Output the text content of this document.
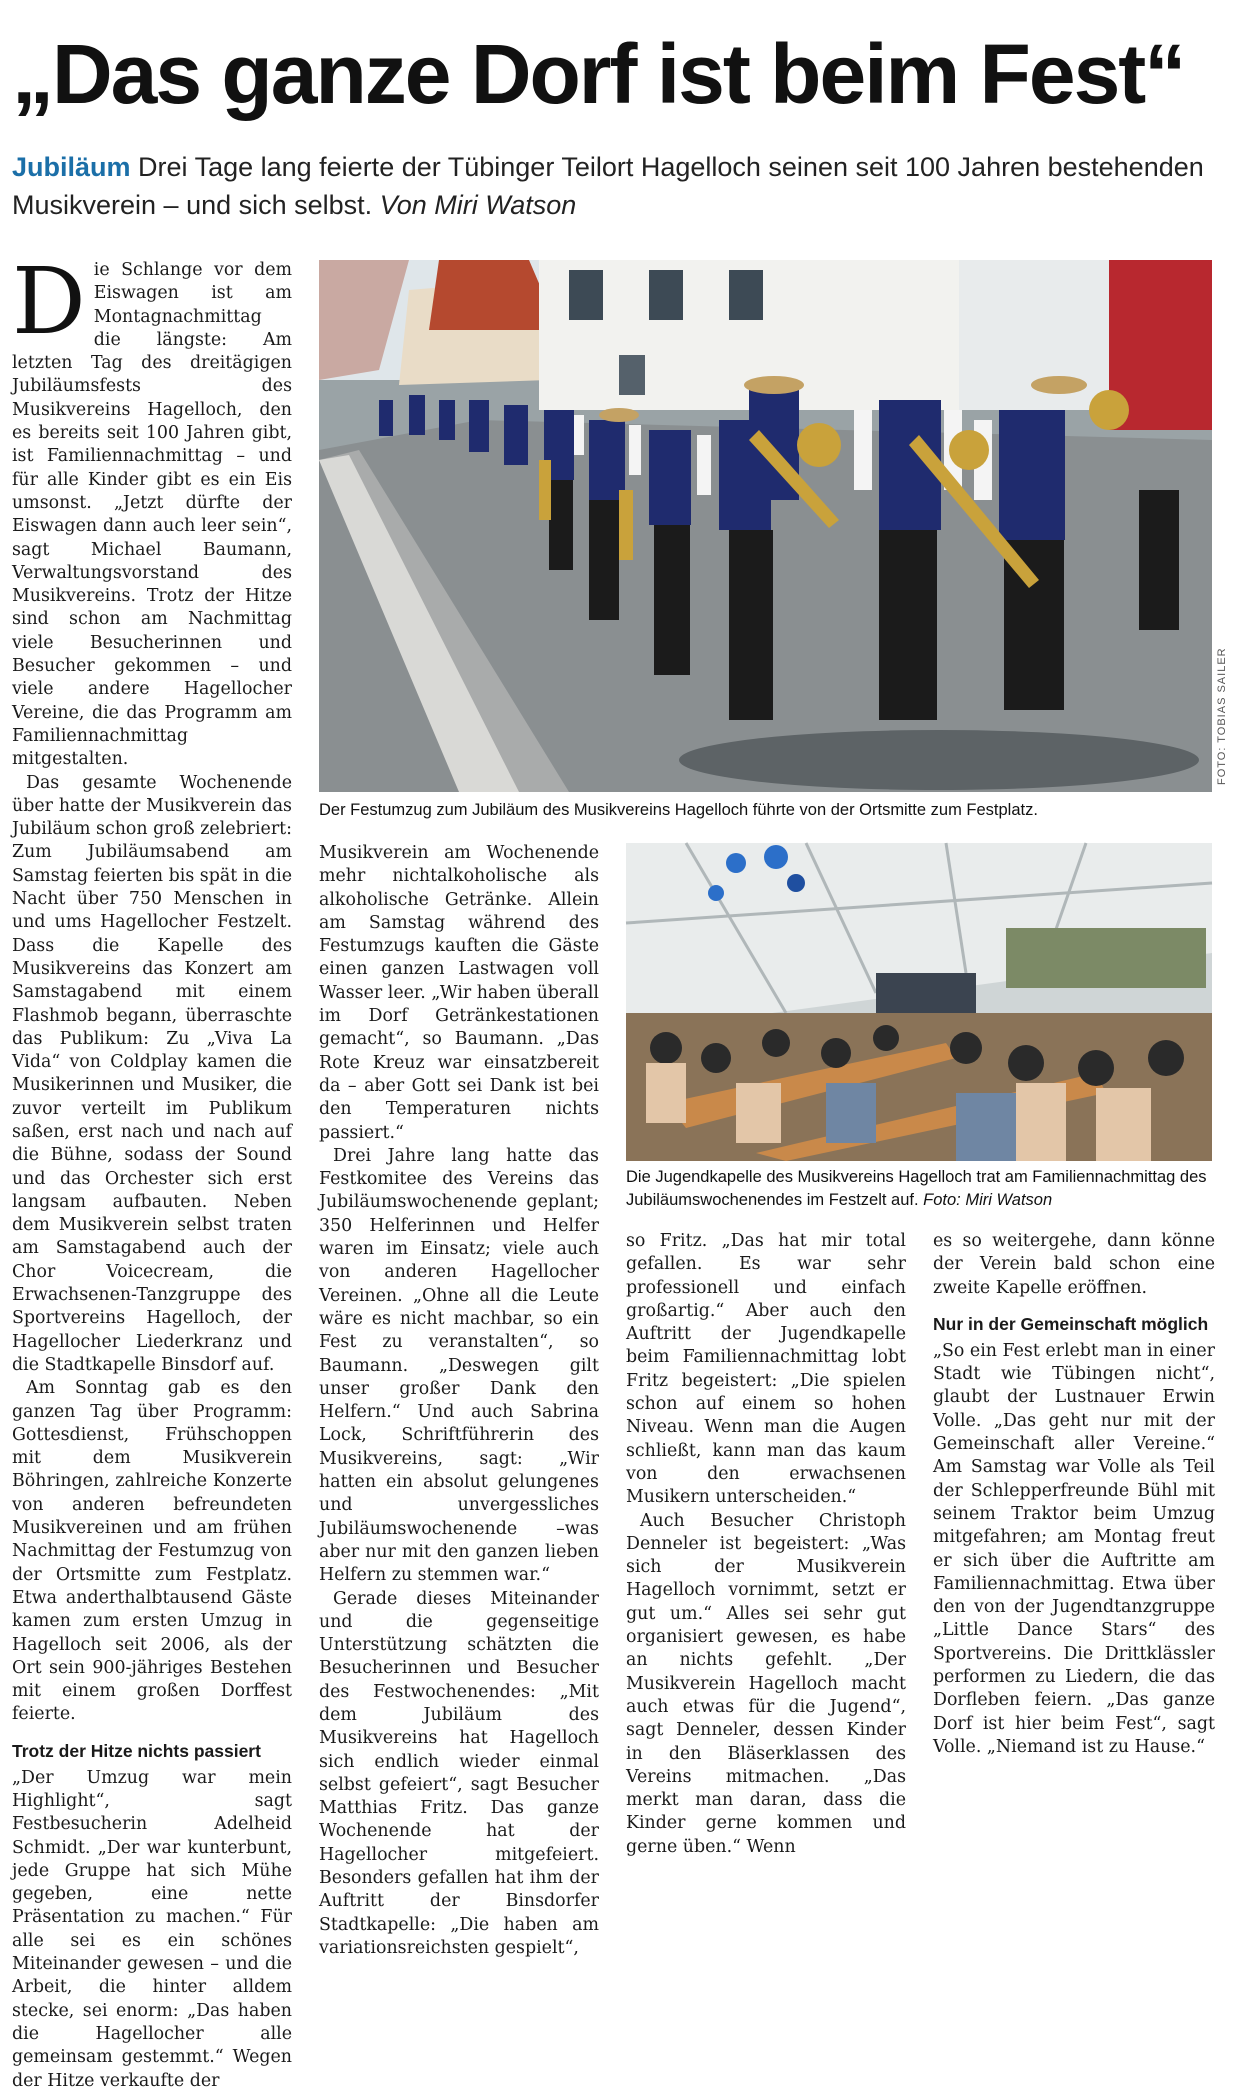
„Das ganze Dorf ist beim Fest“
Jubiläum Drei Tage lang feierte der Tübinger Teilort Hagelloch seinen seit 100 Jahren bestehenden Musikverein – und sich selbst. Von Miri Watson

Die Schlange vor dem Eiswagen ist am Montagnachmittag die längste: Am letzten Tag des dreitägigen Jubiläumsfests des Musikvereins Hagelloch, den es bereits seit 100 Jahren gibt, ist Familiennachmittag – und für alle Kinder gibt es ein Eis umsonst. „Jetzt dürfte der Eiswagen dann auch leer sein“, sagt Michael Baumann, Verwaltungsvorstand des Musikvereins. Trotz der Hitze sind schon am Nachmittag viele Besucherinnen und Besucher gekommen – und viele andere Hagellocher Vereine, die das Programm am Familiennachmittag mitgestalten.

Das gesamte Wochenende über hatte der Musikverein das Jubiläum schon groß zelebriert: Zum Jubiläumsabend am Samstag feierten bis spät in die Nacht über 750 Menschen in und ums Hagellocher Festzelt. Dass die Kapelle des Musikvereins das Konzert am Samstagabend mit einem Flashmob begann, überraschte das Publikum: Zu „Viva La Vida“ von Coldplay kamen die Musikerinnen und Musiker, die zuvor verteilt im Publikum saßen, erst nach und nach auf die Bühne, sodass der Sound und das Orchester sich erst langsam aufbauten. Neben dem Musikverein selbst traten am Samstagabend auch der Chor Voicecream, die Erwachsenen-Tanzgruppe des Sportvereins Hagelloch, der Hagellocher Liederkranz und die Stadtkapelle Binsdorf auf.

Am Sonntag gab es den ganzen Tag über Programm: Gottesdienst, Frühschoppen mit dem Musikverein Böhringen, zahlreiche Konzerte von anderen befreundeten Musikvereinen und am frühen Nachmittag der Festumzug von der Ortsmitte zum Festplatz. Etwa anderthalbtausend Gäste kamen zum ersten Umzug in Hagelloch seit 2006, als der Ort sein 900-jähriges Bestehen mit einem großen Dorffest feierte.

Trotz der Hitze nichts passiert

„Der Umzug war mein Highlight“, sagt Festbesucherin Adelheid Schmidt. „Der war kunterbunt, jede Gruppe hat sich Mühe gegeben, eine nette Präsentation zu machen.“ Für alle sei es ein schönes Miteinander gewesen – und die Arbeit, die hinter alldem stecke, sei enorm: „Das haben die Hagellocher alle gemeinsam gestemmt.“ Wegen der Hitze verkaufte der

FOTO: TOBIAS SAILER
Der Festumzug zum Jubiläum des Musikvereins Hagelloch führte von der Ortsmitte zum Festplatz.

Musikverein am Wochenende mehr nichtalkoholische als alkoholische Getränke. Allein am Samstag während des Festumzugs kauften die Gäste einen ganzen Lastwagen voll Wasser leer. „Wir haben überall im Dorf Getränkestationen gemacht“, so Baumann. „Das Rote Kreuz war einsatzbereit da – aber Gott sei Dank ist bei den Temperaturen nichts passiert.“

Drei Jahre lang hatte das Festkomitee des Vereins das Jubiläumswochenende geplant; 350 Helferinnen und Helfer waren im Einsatz; viele auch von anderen Hagellocher Vereinen. „Ohne all die Leute wäre es nicht machbar, so ein Fest zu veranstalten“, so Baumann. „Deswegen gilt unser großer Dank den Helfern.“ Und auch Sabrina Lock, Schriftführerin des Musikvereins, sagt: „Wir hatten ein absolut gelungenes und unvergessliches Jubiläumswochenende –was aber nur mit den ganzen lieben Helfern zu stemmen war.“

Gerade dieses Miteinander und die gegenseitige Unterstützung schätzten die Besucherinnen und Besucher des Festwochenendes: „Mit dem Jubiläum des Musikvereins hat Hagelloch sich endlich wieder einmal selbst gefeiert“, sagt Besucher Matthias Fritz. Das ganze Wochenende hat der Hagellocher mitgefeiert. Besonders gefallen hat ihm der Auftritt der Binsdorfer Stadtkapelle: „Die haben am variationsreichsten gespielt“,

Die Jugendkapelle des Musikvereins Hagelloch trat am Familiennachmittag des Jubiläumswochenendes im Festzelt auf. Foto: Miri Watson

so Fritz. „Das hat mir total gefallen. Es war sehr professionell und einfach großartig.“ Aber auch den Auftritt der Jugendkapelle beim Familiennachmittag lobt Fritz begeistert: „Die spielen schon auf einem so hohen Niveau. Wenn man die Augen schließt, kann man das kaum von den erwachsenen Musikern unterscheiden.“

Auch Besucher Christoph Denneler ist begeistert: „Was sich der Musikverein Hagelloch vornimmt, setzt er gut um.“ Alles sei sehr gut organisiert gewesen, es habe an nichts gefehlt. „Der Musikverein Hagelloch macht auch etwas für die Jugend“, sagt Denneler, dessen Kinder in den Bläserklassen des Vereins mitmachen. „Das merkt man daran, dass die Kinder gerne kommen und gerne üben.“ Wenn

es so weitergehe, dann könne der Verein bald schon eine zweite Kapelle eröffnen.

Nur in der Gemeinschaft möglich

„So ein Fest erlebt man in einer Stadt wie Tübingen nicht“, glaubt der Lustnauer Erwin Volle. „Das geht nur mit der Gemeinschaft aller Vereine.“ Am Samstag war Volle als Teil der Schlepperfreunde Bühl mit seinem Traktor beim Umzug mitgefahren; am Montag freut er sich über die Auftritte am Familiennachmittag. Etwa über den von der Jugendtanzgruppe „Little Dance Stars“ des Sportvereins. Die Drittklässler performen zu Liedern, die das Dorfleben feiern. „Das ganze Dorf ist hier beim Fest“, sagt Volle. „Niemand ist zu Hause.“
